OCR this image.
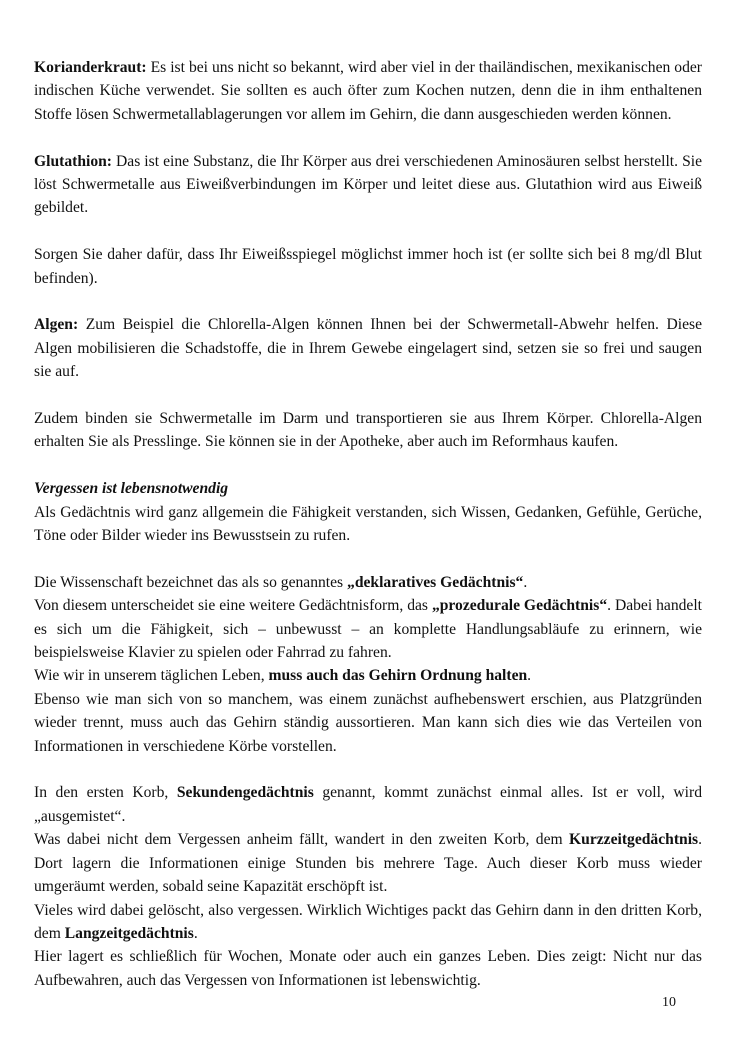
Korianderkraut: Es ist bei uns nicht so bekannt, wird aber viel in der thailändischen, mexikanischen oder indischen Küche verwendet. Sie sollten es auch öfter zum Kochen nutzen, denn die in ihm enthaltenen Stoffe lösen Schwermetallablagerungen vor allem im Gehirn, die dann ausgeschieden werden können.

Glutathion: Das ist eine Substanz, die Ihr Körper aus drei verschiedenen Aminosäuren selbst herstellt. Sie löst Schwermetalle aus Eiweißverbindungen im Körper und leitet diese aus. Glutathion wird aus Eiweiß gebildet.

Sorgen Sie daher dafür, dass Ihr Eiweißsspiegel möglichst immer hoch ist (er sollte sich bei 8 mg/dl Blut befinden).

Algen: Zum Beispiel die Chlorella-Algen können Ihnen bei der Schwermetall-Abwehr helfen. Diese Algen mobilisieren die Schadstoffe, die in Ihrem Gewebe eingelagert sind, setzen sie so frei und saugen sie auf.

Zudem binden sie Schwermetalle im Darm und transportieren sie aus Ihrem Körper. Chlorella-Algen erhalten Sie als Presslinge. Sie können sie in der Apotheke, aber auch im Reformhaus kaufen.

Vergessen ist lebensnotwendig

Als Gedächtnis wird ganz allgemein die Fähigkeit verstanden, sich Wissen, Gedanken, Gefühle, Gerüche, Töne oder Bilder wieder ins Bewusstsein zu rufen.

Die Wissenschaft bezeichnet das als so genanntes „deklaratives Gedächtnis“.

Von diesem unterscheidet sie eine weitere Gedächtnisform, das „prozedurale Gedächtnis“. Dabei handelt es sich um die Fähigkeit, sich – unbewusst – an komplette Handlungsabläufe zu erinnern, wie beispielsweise Klavier zu spielen oder Fahrrad zu fahren.

Wie wir in unserem täglichen Leben, muss auch das Gehirn Ordnung halten.

Ebenso wie man sich von so manchem, was einem zunächst aufhebenswert erschien, aus Platzgründen wieder trennt, muss auch das Gehirn ständig aussortieren. Man kann sich dies wie das Verteilen von Informationen in verschiedene Körbe vorstellen.

In den ersten Korb, Sekundengedächtnis genannt, kommt zunächst einmal alles. Ist er voll, wird „ausgemistet“.

Was dabei nicht dem Vergessen anheim fällt, wandert in den zweiten Korb, dem Kurzzeitgedächtnis. Dort lagern die Informationen einige Stunden bis mehrere Tage. Auch dieser Korb muss wieder umgeräumt werden, sobald seine Kapazität erschöpft ist.

Vieles wird dabei gelöscht, also vergessen. Wirklich Wichtiges packt das Gehirn dann in den dritten Korb, dem Langzeitgedächtnis.

Hier lagert es schließlich für Wochen, Monate oder auch ein ganzes Leben. Dies zeigt: Nicht nur das Aufbewahren, auch das Vergessen von Informationen ist lebenswichtig.

10
